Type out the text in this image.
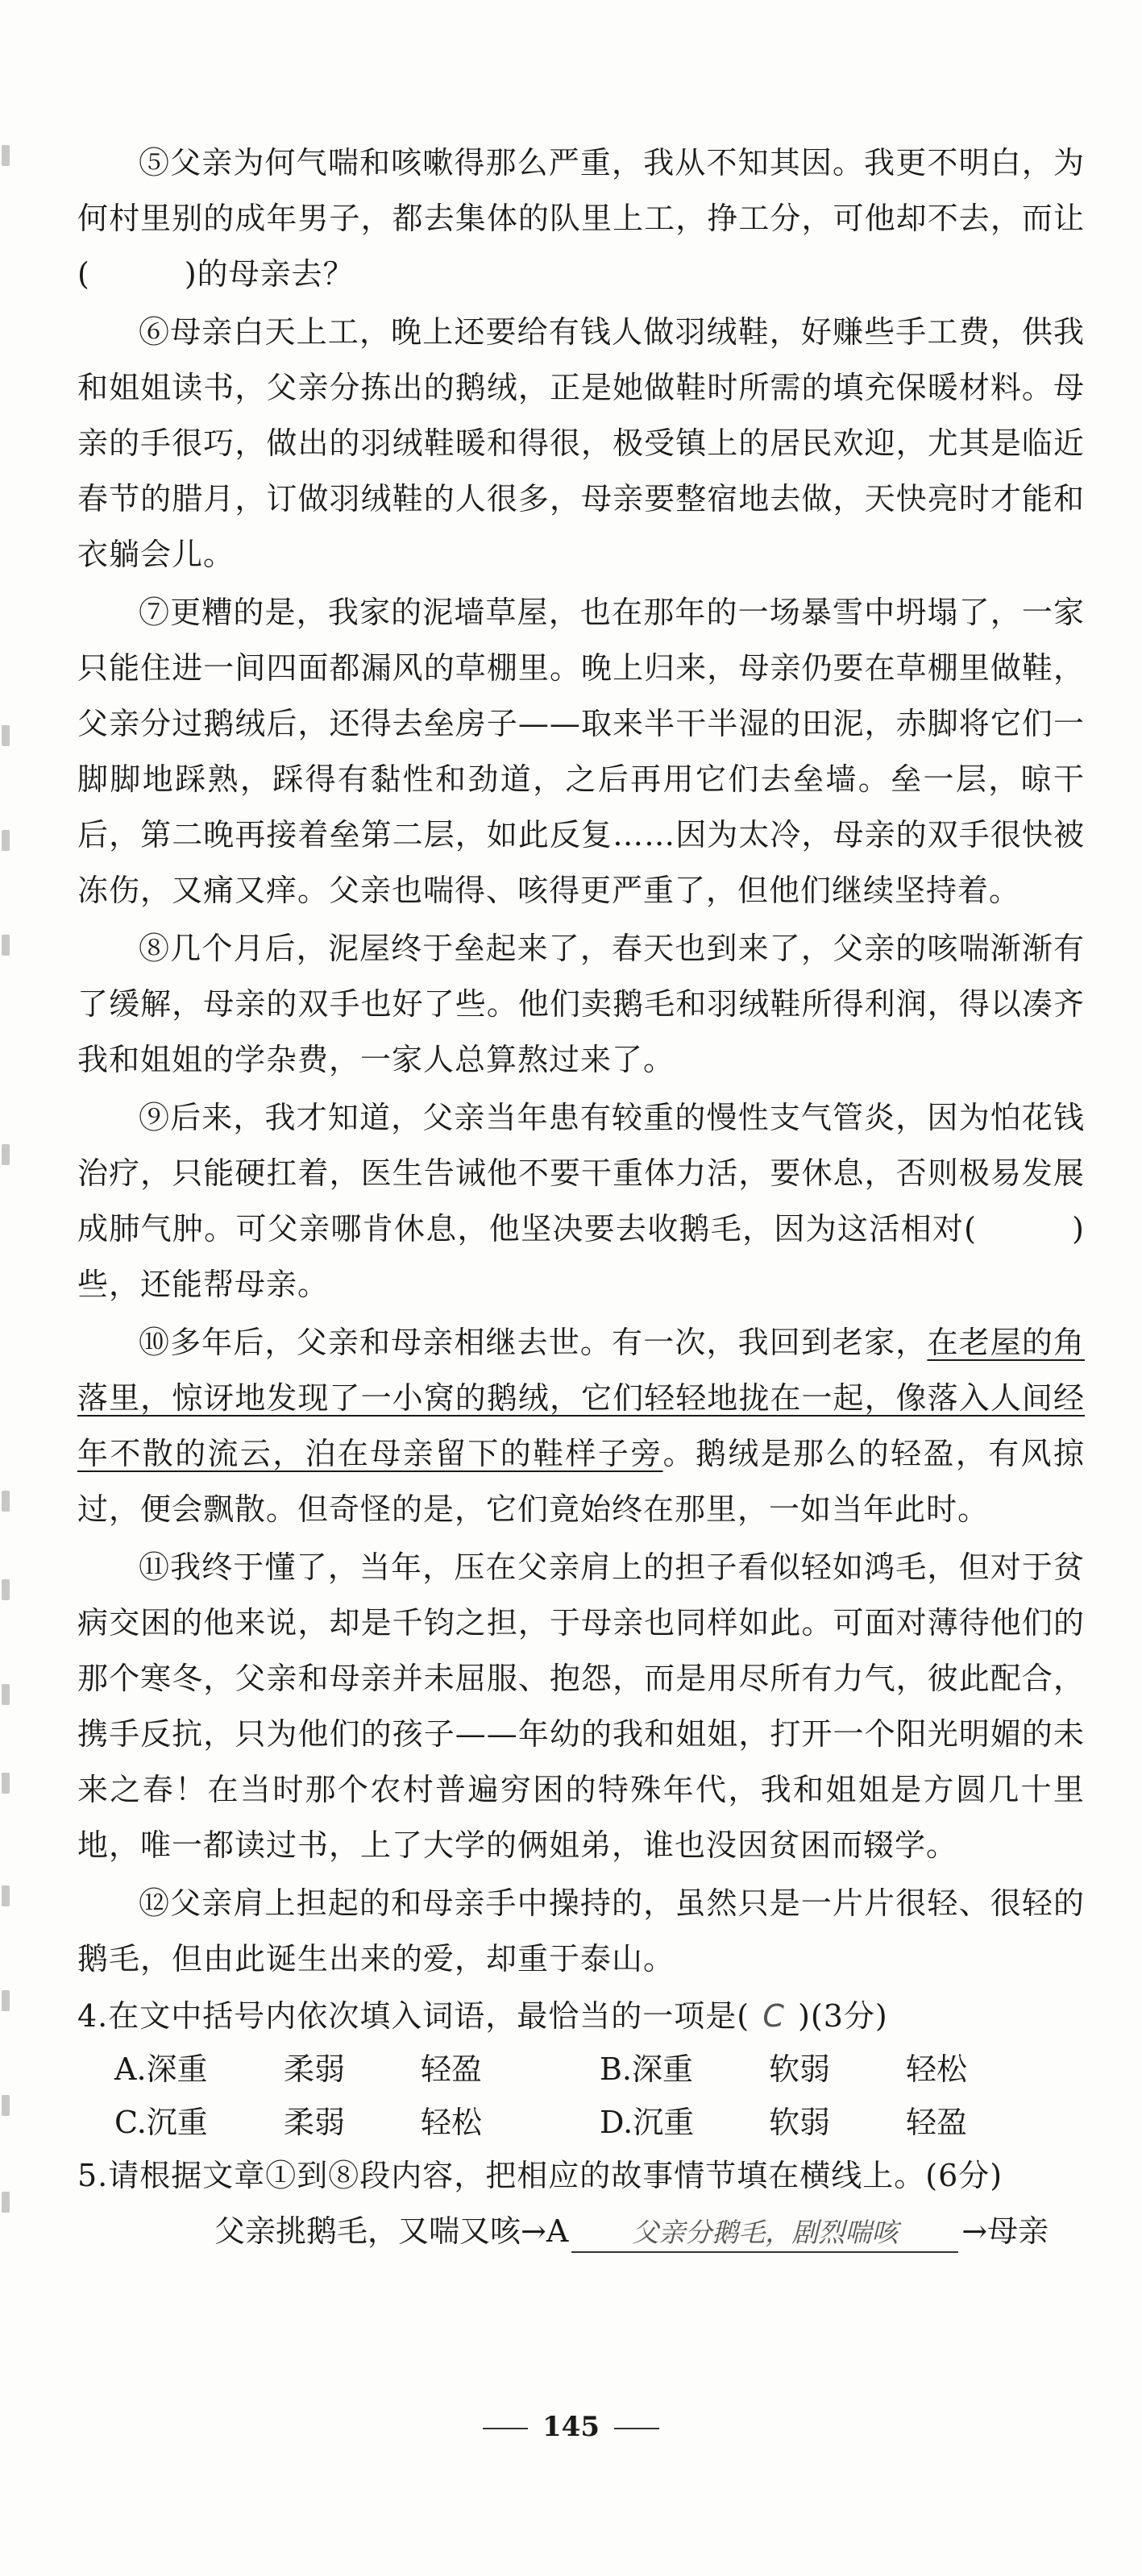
⑤父亲为何气喘和咳嗽得那么严重，我从不知其因。我更不明白，为何村里别的成年男子，都去集体的队里上工，挣工分，可他却不去，而让(　　　)的母亲去？

⑥母亲白天上工，晚上还要给有钱人做羽绒鞋，好赚些手工费，供我和姐姐读书，父亲分拣出的鹅绒，正是她做鞋时所需的填充保暖材料。母亲的手很巧，做出的羽绒鞋暖和得很，极受镇上的居民欢迎，尤其是临近春节的腊月，订做羽绒鞋的人很多，母亲要整宿地去做，天快亮时才能和衣躺会儿。

⑦更糟的是，我家的泥墙草屋，也在那年的一场暴雪中坍塌了，一家只能住进一间四面都漏风的草棚里。晚上归来，母亲仍要在草棚里做鞋，父亲分过鹅绒后，还得去垒房子——取来半干半湿的田泥，赤脚将它们一脚脚地踩熟，踩得有黏性和劲道，之后再用它们去垒墙。垒一层，晾干后，第二晚再接着垒第二层，如此反复……因为太冷，母亲的双手很快被冻伤，又痛又痒。父亲也喘得、咳得更严重了，但他们继续坚持着。

⑧几个月后，泥屋终于垒起来了，春天也到来了，父亲的咳喘渐渐有了缓解，母亲的双手也好了些。他们卖鹅毛和羽绒鞋所得利润，得以凑齐我和姐姐的学杂费，一家人总算熬过来了。

⑨后来，我才知道，父亲当年患有较重的慢性支气管炎，因为怕花钱治疗，只能硬扛着，医生告诫他不要干重体力活，要休息，否则极易发展成肺气肿。可父亲哪肯休息，他坚决要去收鹅毛，因为这活相对(　　　)些，还能帮母亲。

⑩多年后，父亲和母亲相继去世。有一次，我回到老家，在老屋的角落里，惊讶地发现了一小窝的鹅绒，它们轻轻地拢在一起，像落入人间经年不散的流云，泊在母亲留下的鞋样子旁。鹅绒是那么的轻盈，有风掠过，便会飘散。但奇怪的是，它们竟始终在那里，一如当年此时。

⑪我终于懂了，当年，压在父亲肩上的担子看似轻如鸿毛，但对于贫病交困的他来说，却是千钧之担，于母亲也同样如此。可面对薄待他们的那个寒冬，父亲和母亲并未屈服、抱怨，而是用尽所有力气，彼此配合，携手反抗，只为他们的孩子——年幼的我和姐姐，打开一个阳光明媚的未来之春！在当时那个农村普遍穷困的特殊年代，我和姐姐是方圆几十里地，唯一都读过书，上了大学的俩姐弟，谁也没因贫困而辍学。

⑫父亲肩上担起的和母亲手中操持的，虽然只是一片片很轻、很轻的鹅毛，但由此诞生出来的爱，却重于泰山。

4.在文中括号内依次填入词语，最恰当的一项是( C )(3分)

A.深重	柔弱	轻盈	B.深重	软弱	轻松
C.沉重	柔弱	轻松	D.沉重	软弱	轻盈

5.请根据文章①到⑧段内容，把相应的故事情节填在横线上。(6分)

父亲挑鹅毛，又喘又咳→A	父亲分鹅毛，剧烈喘咳	→母亲

145
